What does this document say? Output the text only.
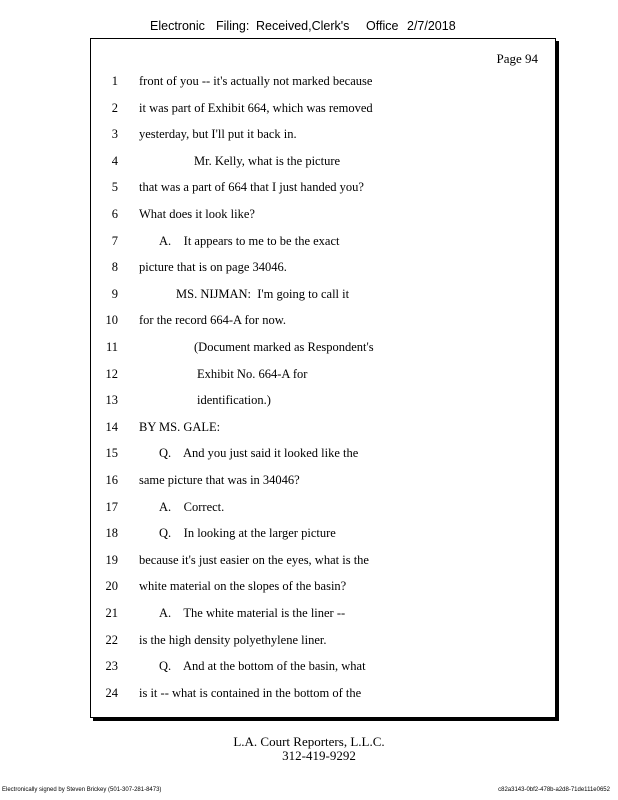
Electronic Filing: Received,Clerk's Office 2/7/2018
Page 94
1 front of you -- it's actually not marked because
2 it was part of Exhibit 664, which was removed
3 yesterday, but I'll put it back in.
4	Mr. Kelly, what is the picture
5 that was a part of 664 that I just handed you?
6 What does it look like?
7	A.    It appears to me to be the exact
8 picture that is on page 34046.
9	MS. NIJMAN:  I'm going to call it
10 for the record 664-A for now.
11	(Document marked as Respondent's
12	Exhibit No. 664-A for
13	identification.)
14 BY MS. GALE:
15	Q.    And you just said it looked like the
16 same picture that was in 34046?
17	A.    Correct.
18	Q.    In looking at the larger picture
19 because it's just easier on the eyes, what is the
20 white material on the slopes of the basin?
21	A.    The white material is the liner --
22 is the high density polyethylene liner.
23	Q.    And at the bottom of the basin, what
24 is it -- what is contained in the bottom of the
L.A. Court Reporters, L.L.C.
312-419-9292
Electronically signed by Steven Brickey (501-307-281-8473)	c82a3143-0bf2-478b-a2d8-71de111e0652
